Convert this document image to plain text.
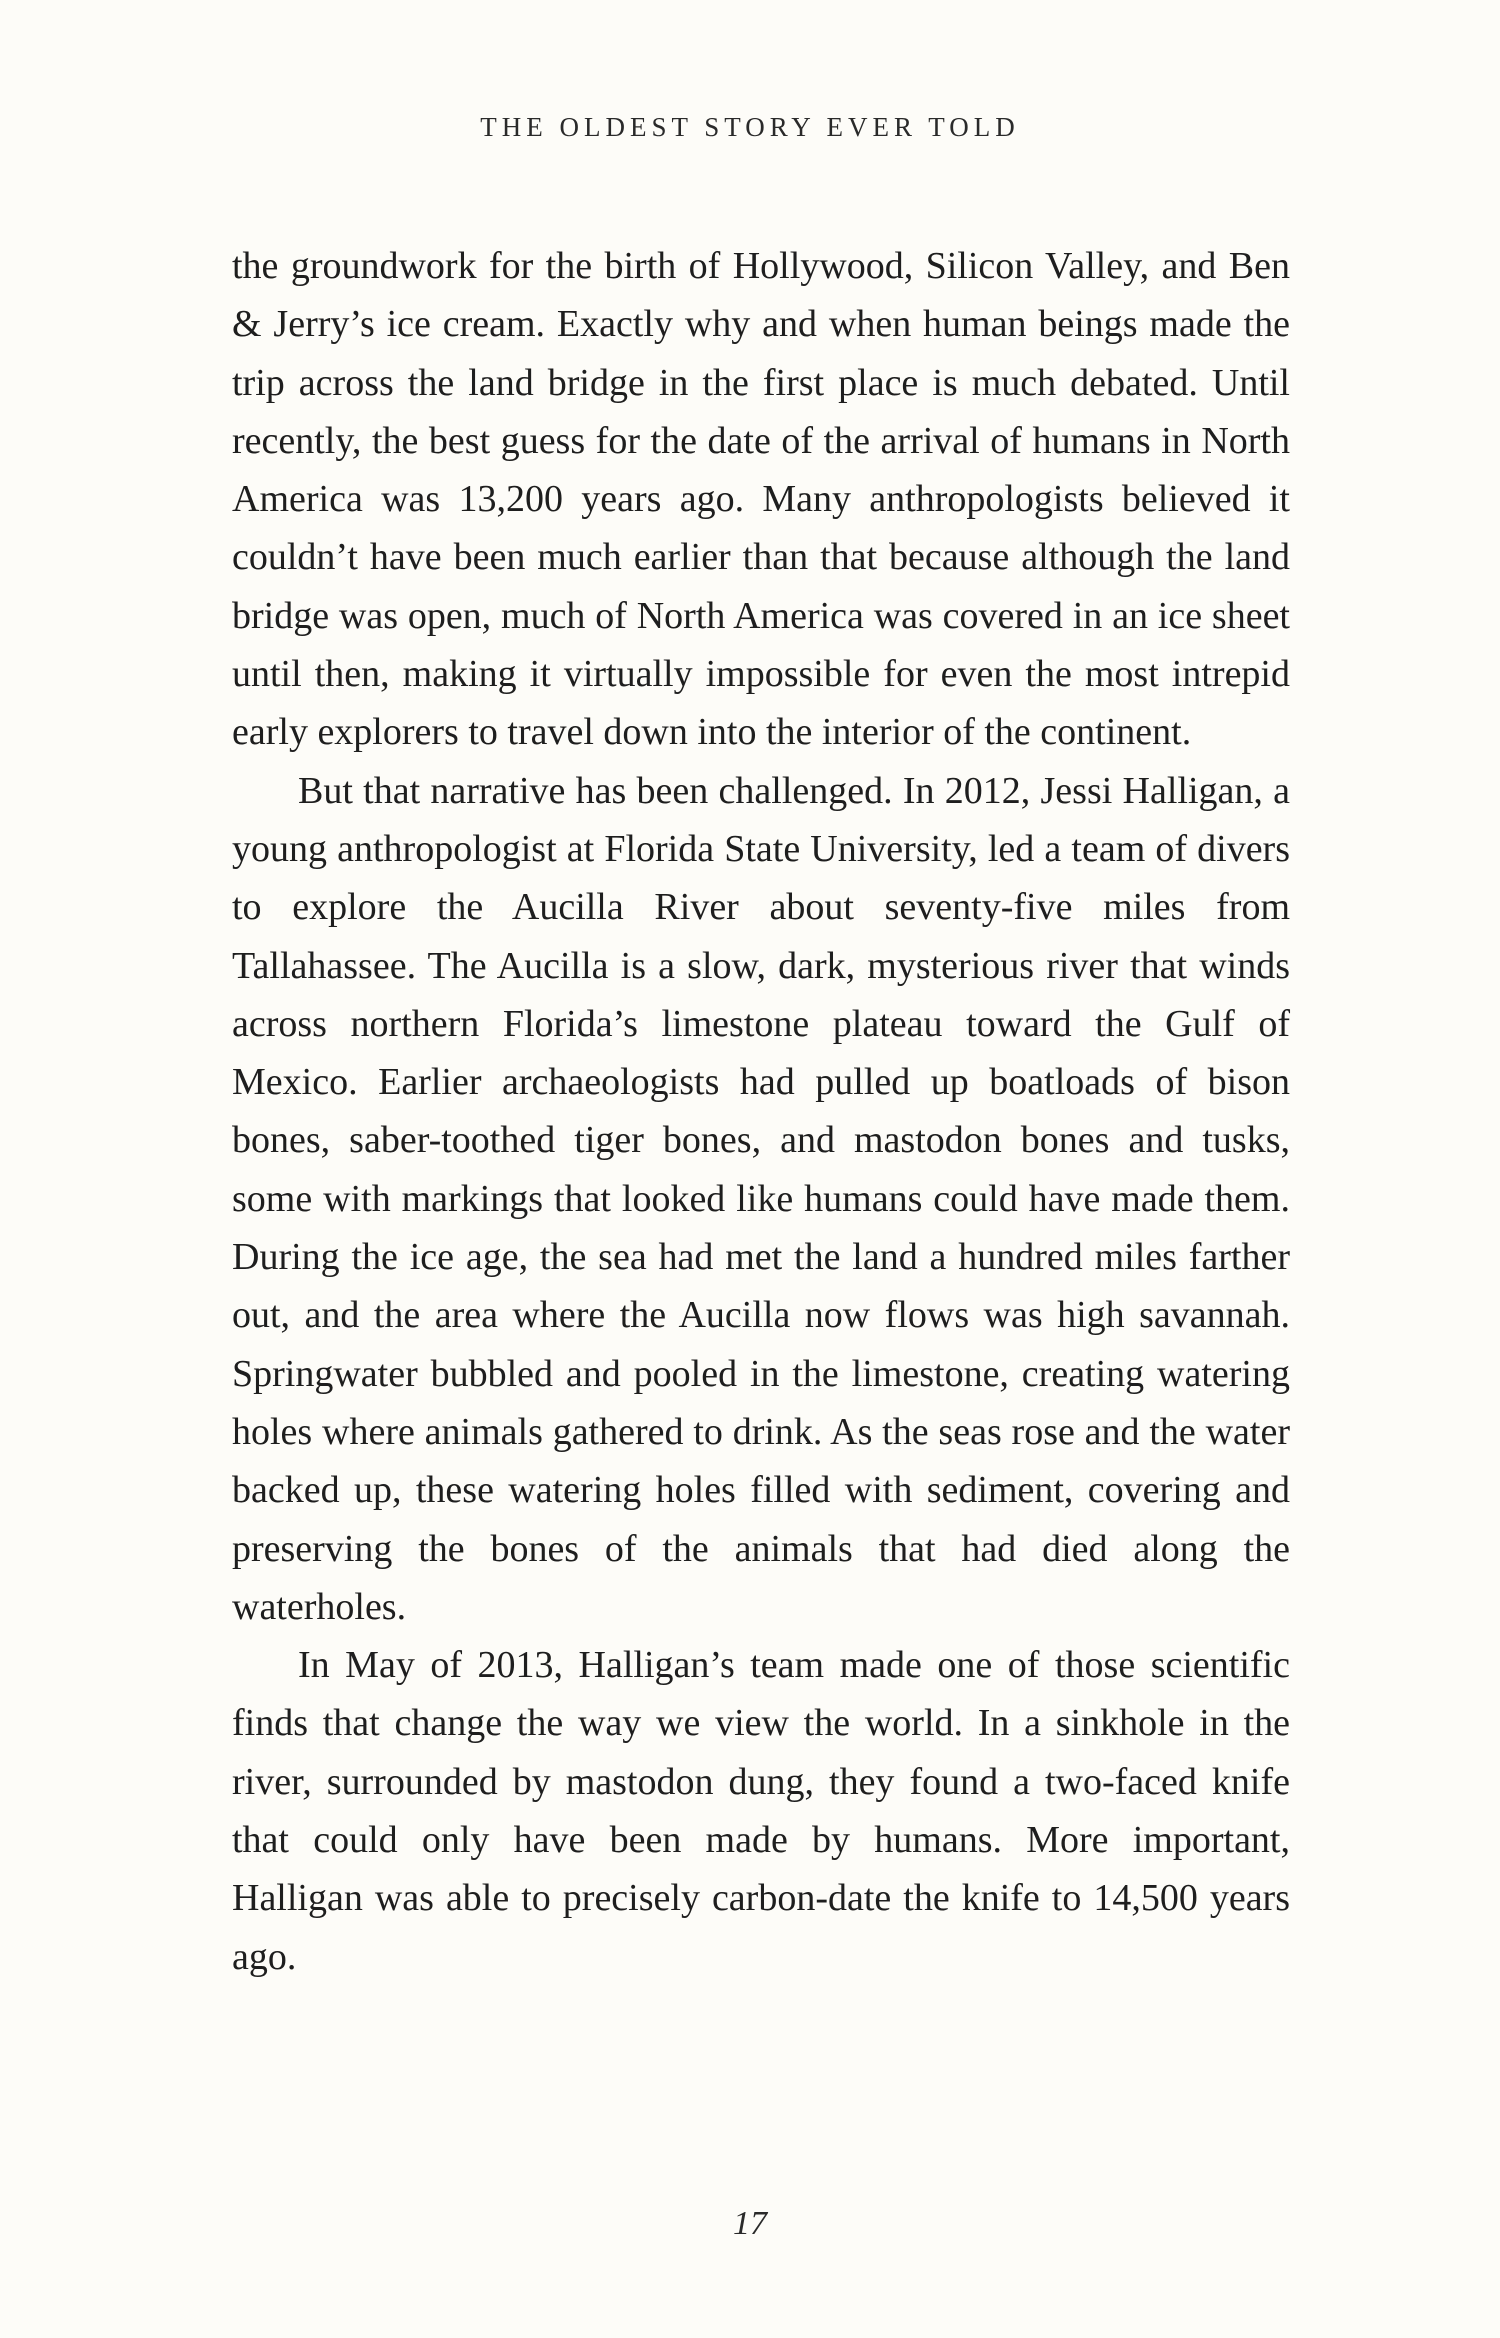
THE OLDEST STORY EVER TOLD

the groundwork for the birth of Hollywood, Silicon Valley, and Ben & Jerry’s ice cream. Exactly why and when human beings made the trip across the land bridge in the first place is much debated. Until recently, the best guess for the date of the arrival of humans in North America was 13,200 years ago. Many anthropologists believed it couldn’t have been much earlier than that because although the land bridge was open, much of North America was covered in an ice sheet until then, making it virtually impossible for even the most intrepid early explorers to travel down into the interior of the continent.

But that narrative has been challenged. In 2012, Jessi Halligan, a young anthropologist at Florida State University, led a team of divers to explore the Aucilla River about seventy-five miles from Tallahassee. The Aucilla is a slow, dark, mysterious river that winds across northern Florida’s limestone plateau toward the Gulf of Mexico. Earlier archaeologists had pulled up boatloads of bison bones, saber-toothed tiger bones, and mastodon bones and tusks, some with markings that looked like humans could have made them. During the ice age, the sea had met the land a hundred miles farther out, and the area where the Aucilla now flows was high savannah. Springwater bubbled and pooled in the limestone, creating watering holes where animals gathered to drink. As the seas rose and the water backed up, these watering holes filled with sediment, covering and preserving the bones of the animals that had died along the waterholes.

In May of 2013, Halligan’s team made one of those scientific finds that change the way we view the world. In a sinkhole in the river, surrounded by mastodon dung, they found a two-faced knife that could only have been made by humans. More important, Halligan was able to precisely carbon-date the knife to 14,500 years ago.

17
